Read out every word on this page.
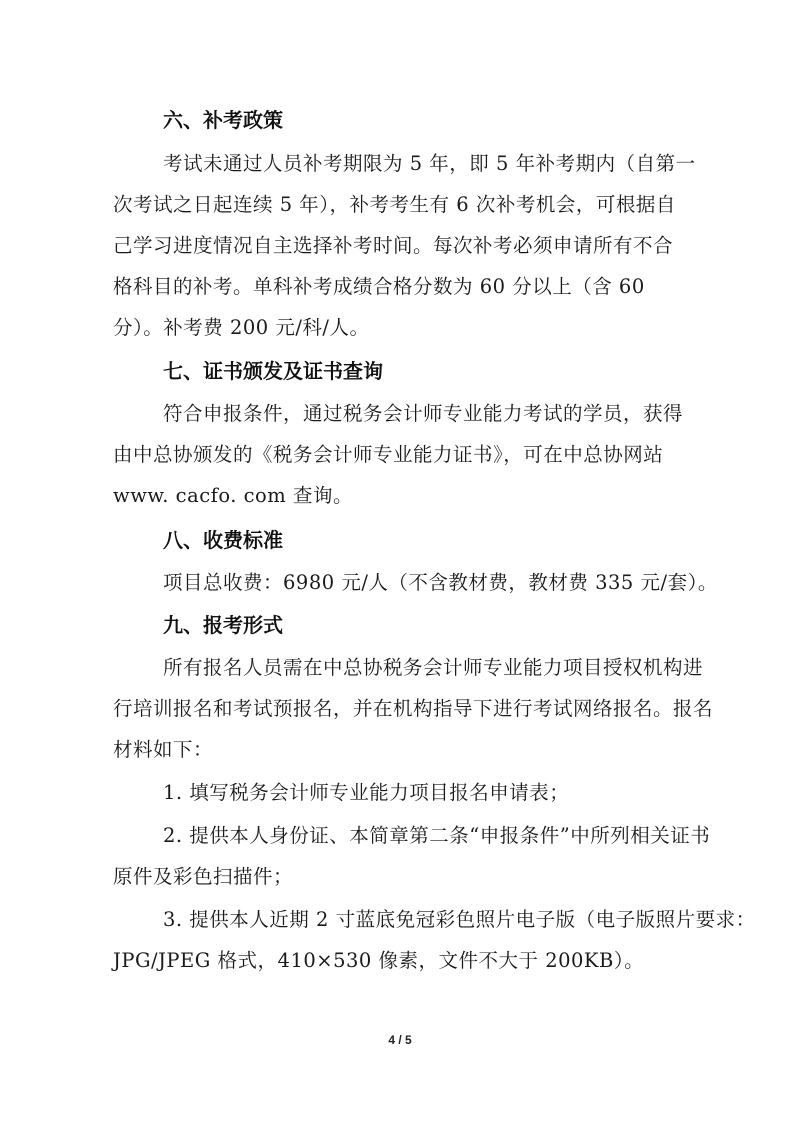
六、补考政策
考试未通过人员补考期限为 5 年，即 5 年补考期内（自第一
次考试之日起连续 5 年），补考考生有 6 次补考机会，可根据自
己学习进度情况自主选择补考时间。每次补考必须申请所有不合
格科目的补考。单科补考成绩合格分数为 60 分以上（含 60
分）。补考费 200 元/科/人。
七、证书颁发及证书查询
符合申报条件，通过税务会计师专业能力考试的学员，获得
由中总协颁发的《税务会计师专业能力证书》，可在中总协网站
www. cacfo. com 查询。
八、收费标准
项目总收费：6980 元/人（不含教材费，教材费 335 元/套）。
九、报考形式
所有报名人员需在中总协税务会计师专业能力项目授权机构进
行培训报名和考试预报名，并在机构指导下进行考试网络报名。报名
材料如下：
1. 填写税务会计师专业能力项目报名申请表；
2. 提供本人身份证、本简章第二条“申报条件”中所列相关证书
原件及彩色扫描件；
3. 提供本人近期 2 寸蓝底免冠彩色照片电子版（电子版照片要求：
JPG/JPEG 格式，410×530 像素，文件不大于 200KB）。
4 / 5
